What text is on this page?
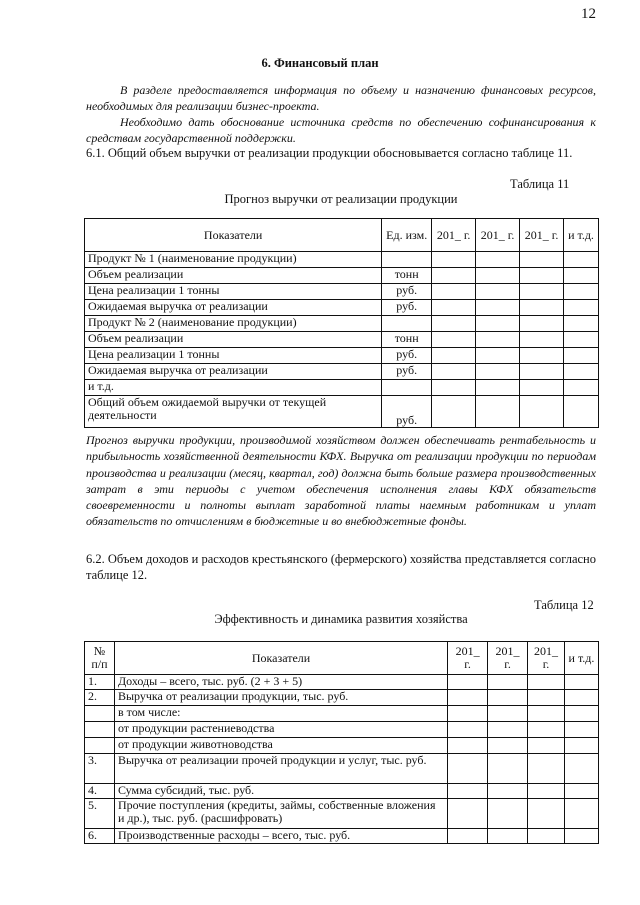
12
6. Финансовый план
В разделе предоставляется информация по объему и назначению финансовых ресурсов, необходимых для реализации бизнес-проекта.
Необходимо дать обоснование источника средств по обеспечению софинансирования к средствам государственной поддержки.
6.1. Общий объем выручки от реализации продукции обосновывается согласно таблице 11.
Таблица 11
Прогноз выручки от реализации продукции
Показатели	Ед. изм.	201_ г.	201_ г.	201_ г.	и т.д.
Продукт № 1 (наименование продукции)					
Объем реализации	тонн				
Цена реализации 1 тонны	руб.				
Ожидаемая выручка от реализации	руб.				
Продукт № 2 (наименование продукции)					
Объем реализации	тонн				
Цена реализации 1 тонны	руб.				
Ожидаемая выручка от реализации	руб.				
и т.д.					
Общий объем ожидаемой выручки от текущей деятельности	руб.				
Прогноз выручки продукции, производимой хозяйством должен обеспечивать рентабельность и прибыльность хозяйственной деятельности КФХ. Выручка от реализации продукции по периодам производства и реализации (месяц, квартал, год) должна быть больше размера производственных затрат в эти периоды с учетом обеспечения исполнения главы КФХ обязательств своевременности и полноты выплат заработной платы наемным работникам и уплат обязательств по отчислениям в бюджетные и во внебюджетные фонды.
6.2. Объем доходов и расходов крестьянского (фермерского) хозяйства представляется согласно таблице 12.
Таблица 12
Эффективность и динамика развития хозяйства
№ п/п	Показатели	201_ г.	201_ г.	201_ г.	и т.д.
1.	Доходы – всего, тыс. руб. (2 + 3 + 5)				
2.	Выручка от реализации продукции, тыс. руб.				
	в том числе:				
	от продукции растениеводства				
	от продукции животноводства				
3.	Выручка от реализации прочей продукции и услуг, тыс. руб.				
4.	Сумма субсидий, тыс. руб.				
5.	Прочие поступления (кредиты, займы, собственные вложения и др.), тыс. руб. (расшифровать)				
6.	Производственные расходы – всего, тыс. руб.				
